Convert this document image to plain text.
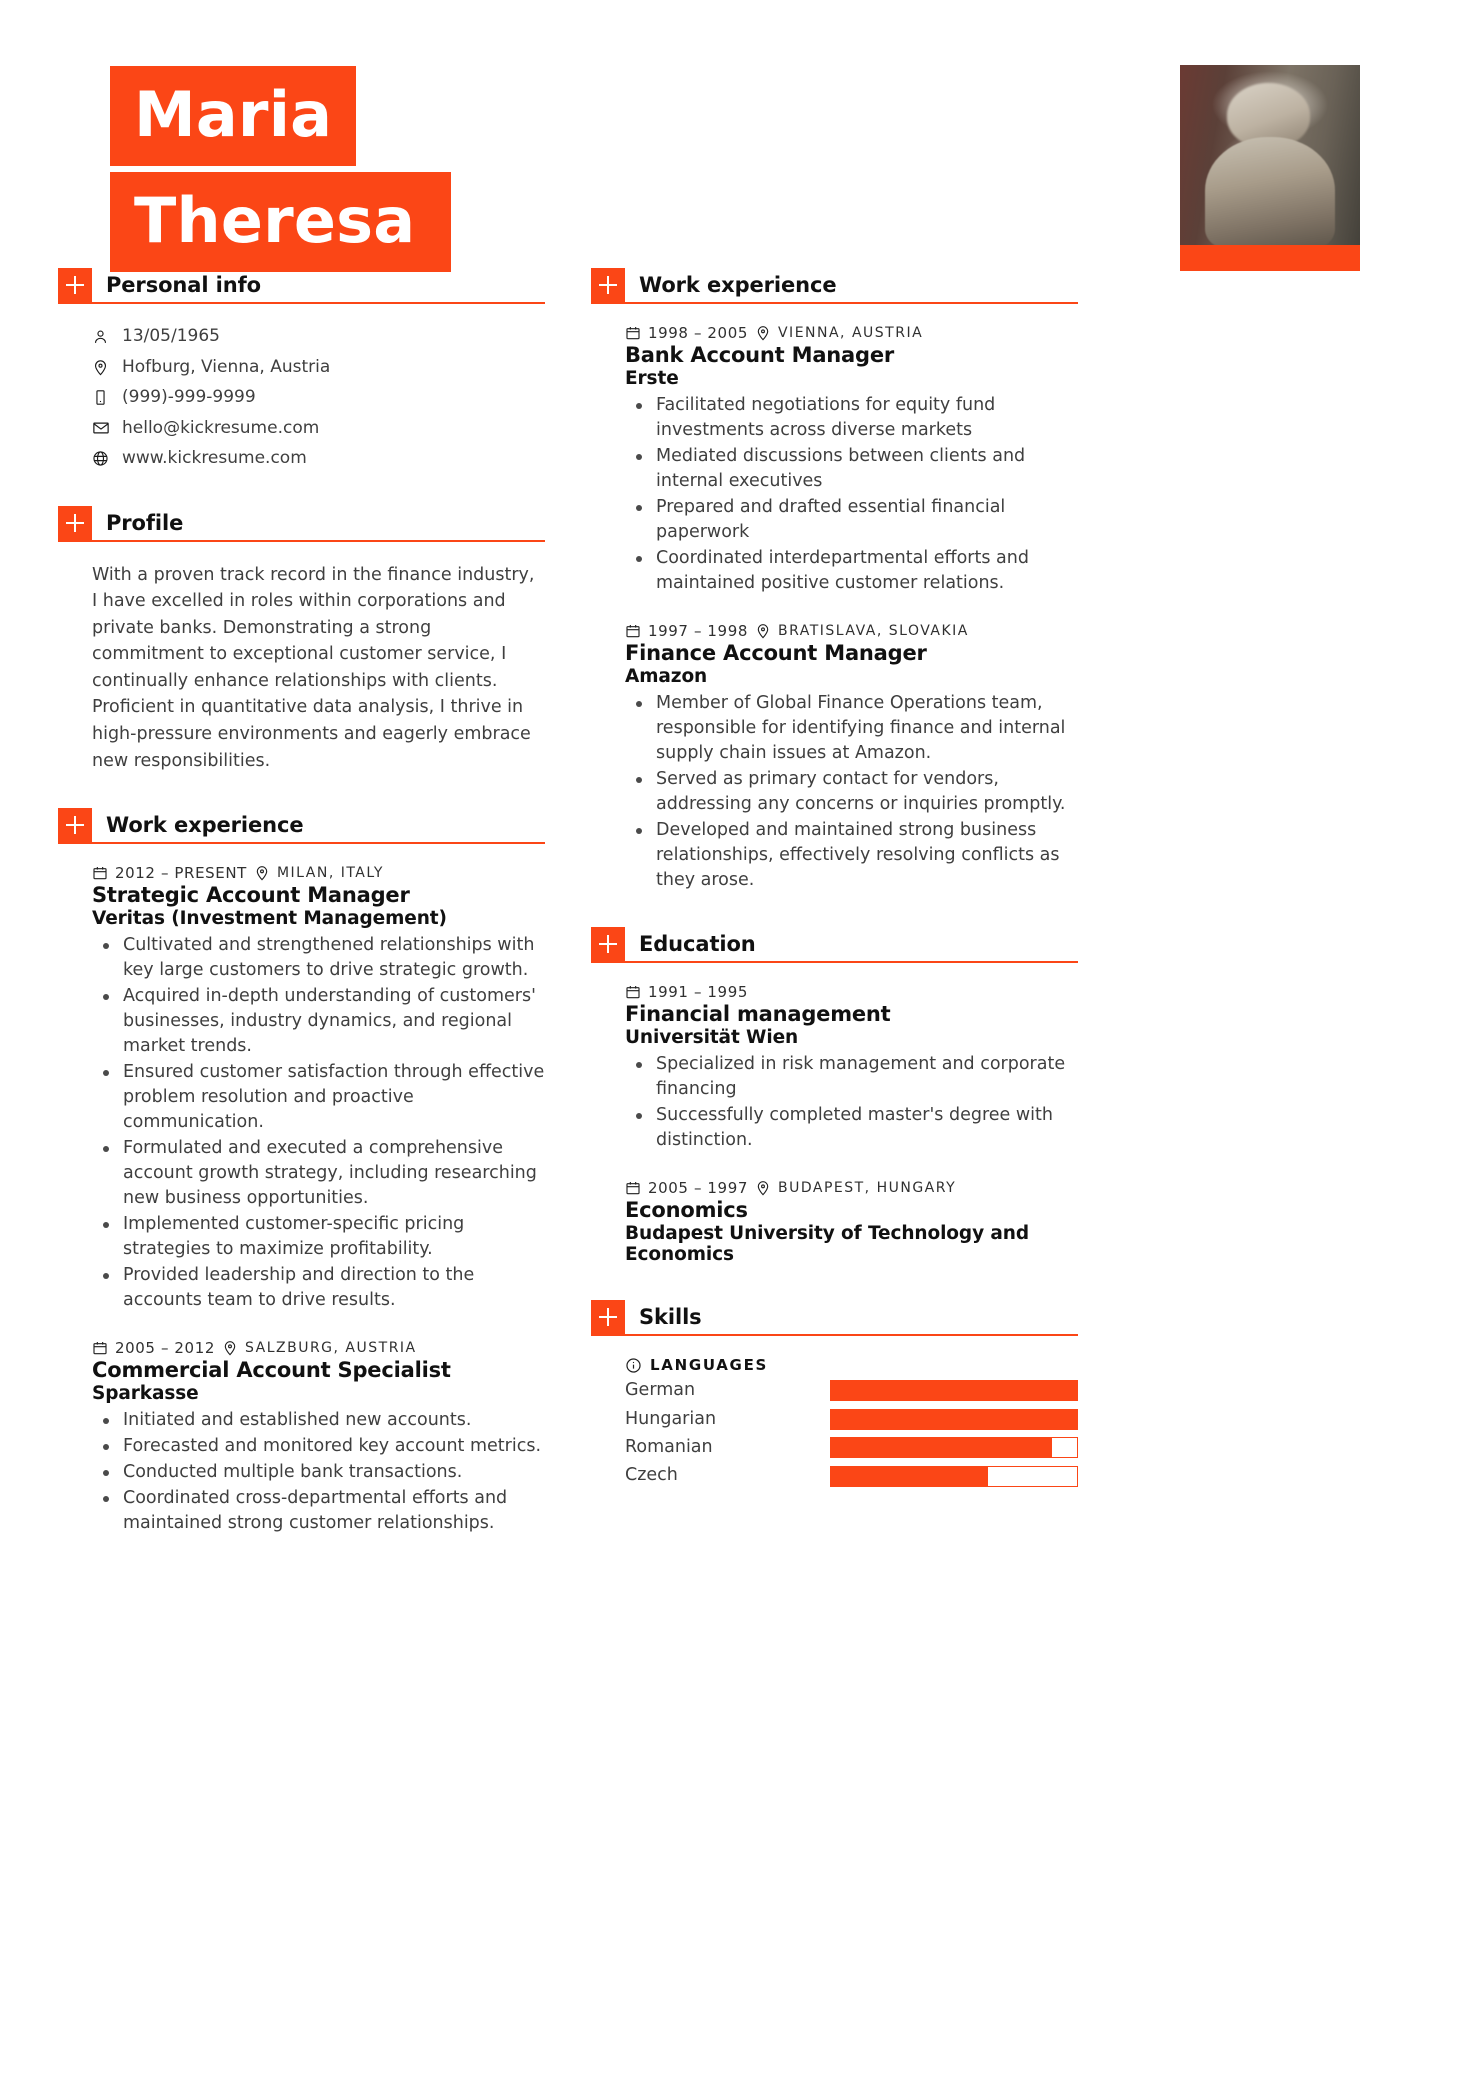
Maria
Theresa
Personal info
13/05/1965
Hofburg, Vienna, Austria
(999)-999-9999
hello@kickresume.com
www.kickresume.com
Profile

With a proven track record in the finance industry, I have excelled in roles within corporations and private banks. Demonstrating a strong commitment to exceptional customer service, I continually enhance relationships with clients. Proficient in quantitative data analysis, I thrive in high-pressure environments and eagerly embrace new responsibilities.

Work experience
2012 – PRESENT MILAN, ITALY
Strategic Account Manager
Veritas (Investment Management)
Cultivated and strengthened relationships with key large customers to drive strategic growth.
Acquired in-depth understanding of customers' businesses, industry dynamics, and regional market trends.
Ensured customer satisfaction through effective problem resolution and proactive communication.
Formulated and executed a comprehensive account growth strategy, including researching new business opportunities.
Implemented customer-specific pricing strategies to maximize profitability.
Provided leadership and direction to the accounts team to drive results.
2005 – 2012 SALZBURG, AUSTRIA
Commercial Account Specialist
Sparkasse
Initiated and established new accounts.
Forecasted and monitored key account metrics.
Conducted multiple bank transactions.
Coordinated cross-departmental efforts and maintained strong customer relationships.
Work experience
1998 – 2005 VIENNA, AUSTRIA
Bank Account Manager
Erste
Facilitated negotiations for equity fund investments across diverse markets
Mediated discussions between clients and internal executives
Prepared and drafted essential financial paperwork
Coordinated interdepartmental efforts and maintained positive customer relations.
1997 – 1998 BRATISLAVA, SLOVAKIA
Finance Account Manager
Amazon
Member of Global Finance Operations team, responsible for identifying finance and internal supply chain issues at Amazon.
Served as primary contact for vendors, addressing any concerns or inquiries promptly.
Developed and maintained strong business relationships, effectively resolving conflicts as they arose.
Education
1991 – 1995
Financial management
Universität Wien
Specialized in risk management and corporate financing
Successfully completed master's degree with distinction.
2005 – 1997 BUDAPEST, HUNGARY
Economics
Budapest University of Technology and Economics
Skills
LANGUAGES
German
Hungarian
Romanian
Czech
